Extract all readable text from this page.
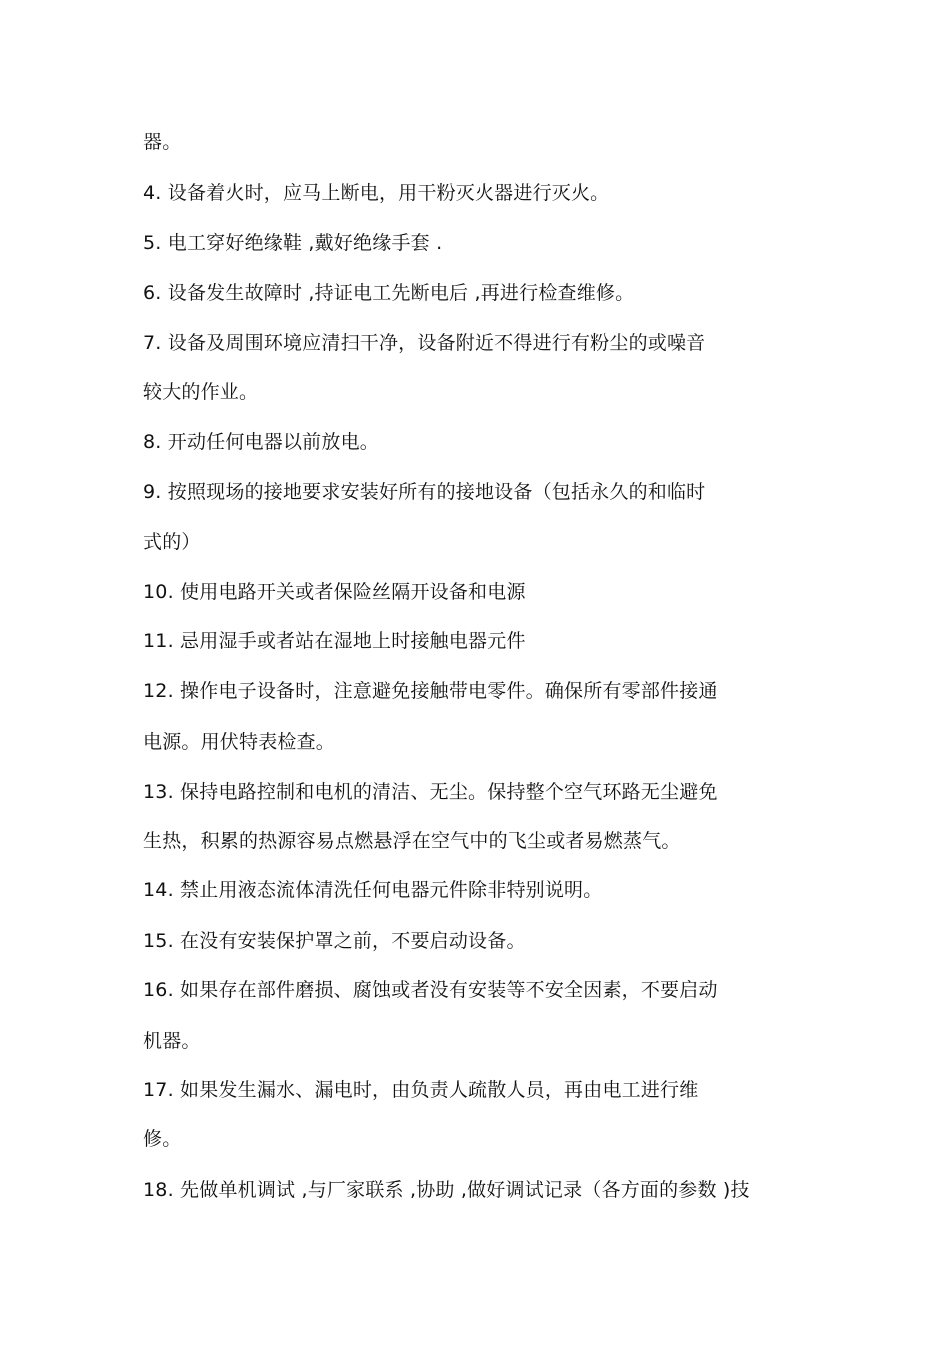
器。
4. 设备着火时，应马上断电，用干粉灭火器进行灭火。
5. 电工穿好绝缘鞋 ,戴好绝缘手套 .
6. 设备发生故障时 ,持证电工先断电后 ,再进行检查维修。
7. 设备及周围环境应清扫干净，设备附近不得进行有粉尘的或噪音
较大的作业。
8. 开动任何电器以前放电。
9. 按照现场的接地要求安装好所有的接地设备（包括永久的和临时
式的）
10. 使用电路开关或者保险丝隔开设备和电源
11. 忌用湿手或者站在湿地上时接触电器元件
12. 操作电子设备时，注意避免接触带电零件。确保所有零部件接通
电源。用伏特表检查。
13. 保持电路控制和电机的清洁、无尘。保持整个空气环路无尘避免
生热，积累的热源容易点燃悬浮在空气中的飞尘或者易燃蒸气。
14. 禁止用液态流体清洗任何电器元件除非特别说明。
15. 在没有安装保护罩之前，不要启动设备。
16. 如果存在部件磨损、腐蚀或者没有安装等不安全因素，不要启动
机器。
17. 如果发生漏水、漏电时，由负责人疏散人员，再由电工进行维
修。
18. 先做单机调试 ,与厂家联系 ,协助 ,做好调试记录（各方面的参数 )技
